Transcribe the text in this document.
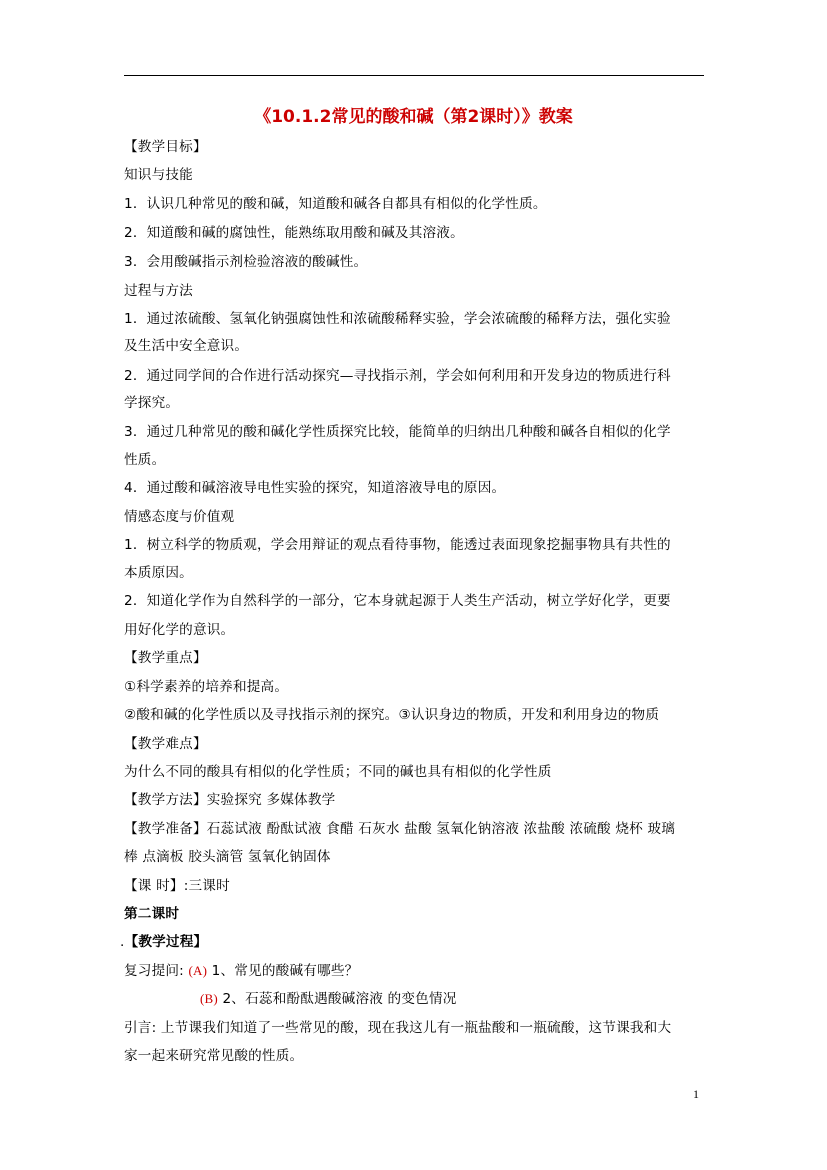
《10.1.2常见的酸和碱（第2课时）》教案
【教学目标】
知识与技能
1．认识几种常见的酸和碱，知道酸和碱各自都具有相似的化学性质。
2．知道酸和碱的腐蚀性，能熟练取用酸和碱及其溶液。
3．会用酸碱指示剂检验溶液的酸碱性。
过程与方法
1．通过浓硫酸、氢氧化钠强腐蚀性和浓硫酸稀释实验，学会浓硫酸的稀释方法，强化实验
及生活中安全意识。
2．通过同学间的合作进行活动探究—寻找指示剂，学会如何利用和开发身边的物质进行科
学探究。
3．通过几种常见的酸和碱化学性质探究比较，能简单的归纳出几种酸和碱各自相似的化学
性质。
4．通过酸和碱溶液导电性实验的探究，知道溶液导电的原因。
情感态度与价值观
1．树立科学的物质观，学会用辩证的观点看待事物，能透过表面现象挖掘事物具有共性的
本质原因。
2．知道化学作为自然科学的一部分，它本身就起源于人类生产活动，树立学好化学，更要
用好化学的意识。
【教学重点】
①科学素养的培养和提高。
②酸和碱的化学性质以及寻找指示剂的探究。③认识身边的物质，开发和利用身边的物质
【教学难点】
为什么不同的酸具有相似的化学性质；不同的碱也具有相似的化学性质
【教学方法】实验探究 多媒体教学
【教学准备】石蕊试液 酚酞试液 食醋 石灰水 盐酸 氢氧化钠溶液 浓盐酸 浓硫酸 烧杯 玻璃
棒 点滴板 胶头滴管 氢氧化钠固体
【课 时】:三课时
第二课时
.【教学过程】
复习提问: (A) 1、常见的酸碱有哪些？
(B) 2、石蕊和酚酞遇酸碱溶液 的变色情况
引言: 上节课我们知道了一些常见的酸，现在我这儿有一瓶盐酸和一瓶硫酸，这节课我和大
家一起来研究常见酸的性质。
1
